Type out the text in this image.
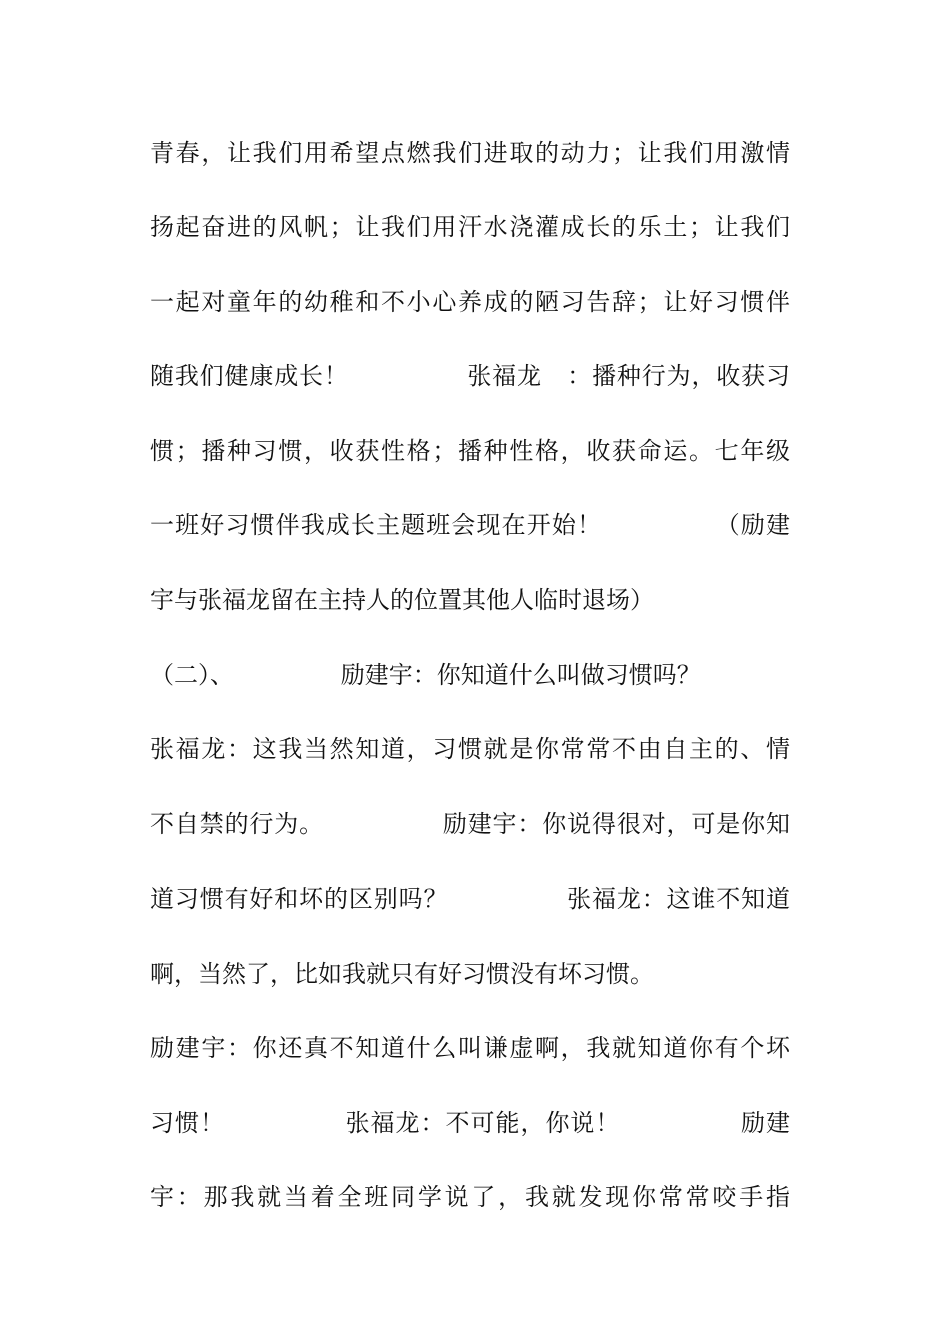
青春，让我们用希望点燃我们进取的动力；让我们用激情
扬起奋进的风帆；让我们用汗水浇灌成长的乐土；让我们
一起对童年的幼稚和不小心养成的陋习告辞；让好习惯伴
随我们健康成长！              张福龙   ：播种行为，收获习
惯；播种习惯，收获性格；播种性格，收获命运。七年级
一班好习惯伴我成长主题班会现在开始！             （励建
宇与张福龙留在主持人的位置其他人临时退场）
（二）、              励建宇：你知道什么叫做习惯吗？
张福龙：这我当然知道，习惯就是你常常不由自主的、情
不自禁的行为。              励建宇：你说得很对，可是你知
道习惯有好和坏的区别吗？              张福龙：这谁不知道
啊，当然了，比如我就只有好习惯没有坏习惯。
励建宇：你还真不知道什么叫谦虚啊，我就知道你有个坏
习惯！              张福龙：不可能，你说！              励建
宇：那我就当着全班同学说了，我就发现你常常咬手指
